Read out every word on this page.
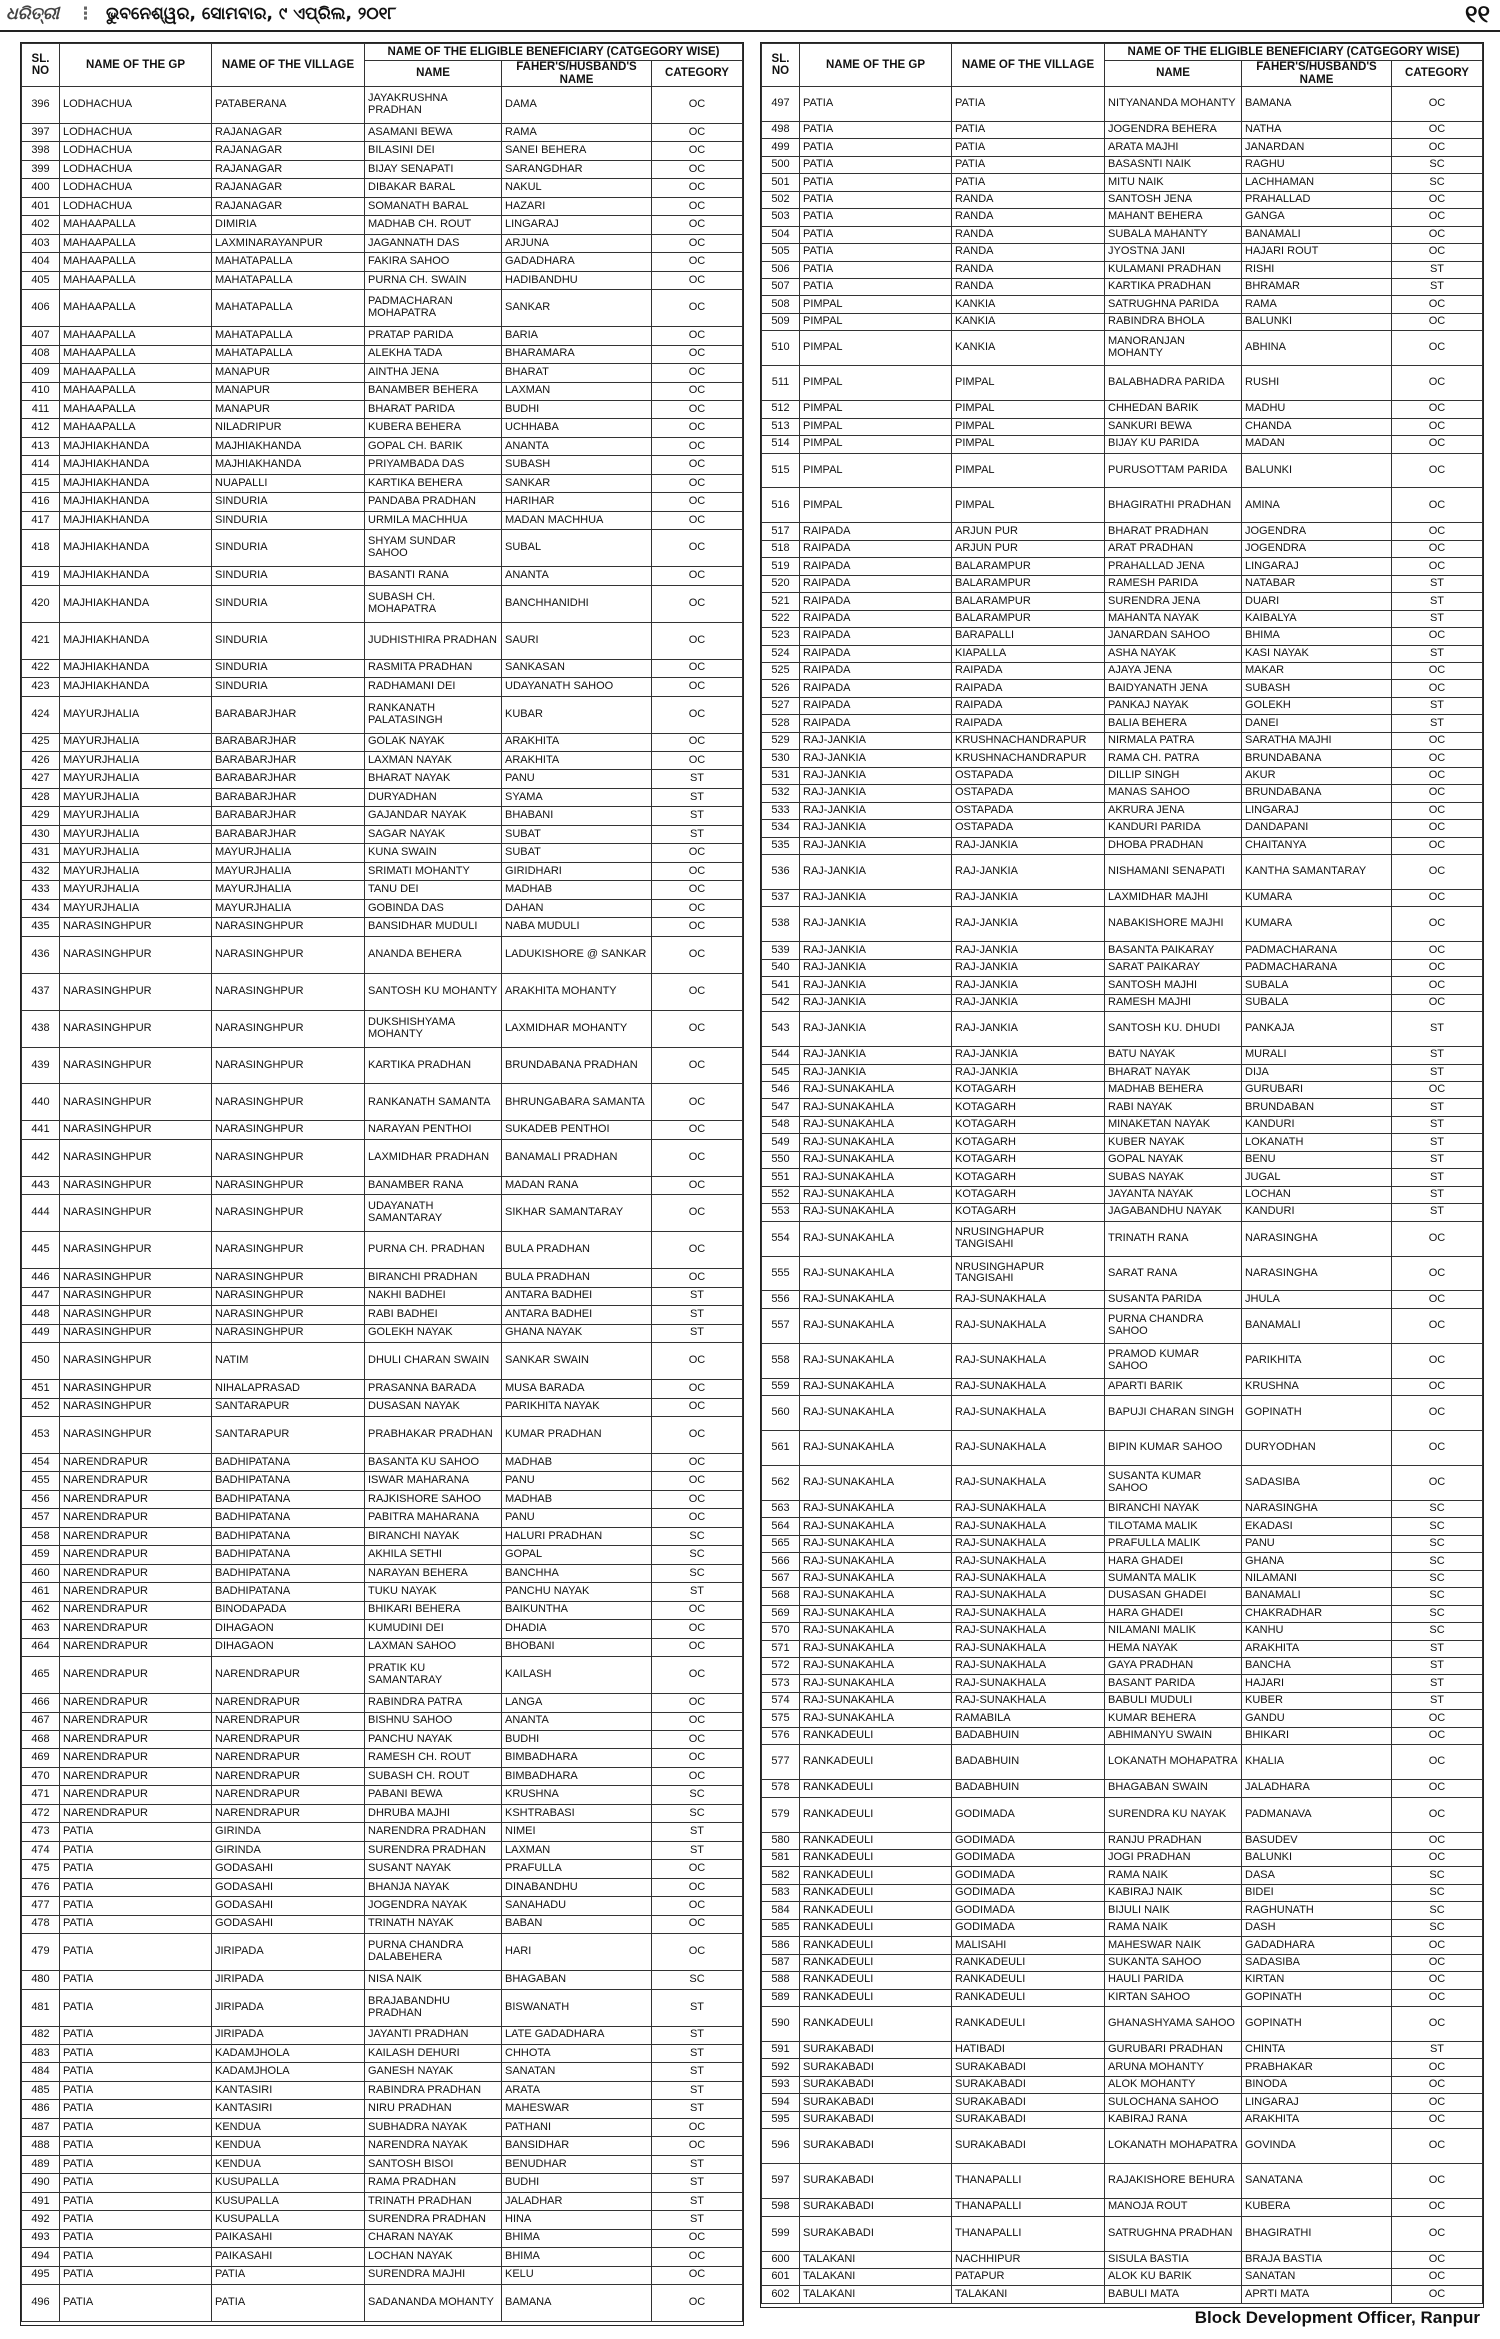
ଧରିତ୍ରୀ ⋮ ଭୁବନେଶ୍ୱର, ସୋମବାର, ୯ ଏପ୍ରିଲ, ୨୦୧୮	୧୧
SL. NO	NAME OF THE GP	NAME OF THE VILLAGE	NAME OF THE ELIGIBLE BENEFICIARY (CATGEGORY WISE)		
			NAME	FAHER'S/HUSBAND'S NAME	CATEGORY
396	LODHACHUA	PATABERANA	JAYAKRUSHNA PRADHAN	DAMA	OC
397	LODHACHUA	RAJANAGAR	ASAMANI BEWA	RAMA	OC
398	LODHACHUA	RAJANAGAR	BILASINI DEI	SANEI BEHERA	OC
399	LODHACHUA	RAJANAGAR	BIJAY SENAPATI	SARANGDHAR	OC
400	LODHACHUA	RAJANAGAR	DIBAKAR BARAL	NAKUL	OC
401	LODHACHUA	RAJANAGAR	SOMANATH BARAL	HAZARI	OC
402	MAHAAPALLA	DIMIRIA	MADHAB CH. ROUT	LINGARAJ	OC
403	MAHAAPALLA	LAXMINARAYANPUR	JAGANNATH DAS	ARJUNA	OC
404	MAHAAPALLA	MAHATAPALLA	FAKIRA SAHOO	GADADHARA	OC
405	MAHAAPALLA	MAHATAPALLA	PURNA CH. SWAIN	HADIBANDHU	OC
406	MAHAAPALLA	MAHATAPALLA	PADMACHARAN MOHAPATRA	SANKAR	OC
407	MAHAAPALLA	MAHATAPALLA	PRATAP PARIDA	BARIA	OC
408	MAHAAPALLA	MAHATAPALLA	ALEKHA TADA	BHARAMARA	OC
409	MAHAAPALLA	MANAPUR	AINTHA JENA	BHARAT	OC
410	MAHAAPALLA	MANAPUR	BANAMBER BEHERA	LAXMAN	OC
411	MAHAAPALLA	MANAPUR	BHARAT PARIDA	BUDHI	OC
412	MAHAAPALLA	NILADRIPUR	KUBERA BEHERA	UCHHABA	OC
413	MAJHIAKHANDA	MAJHIAKHANDA	GOPAL CH. BARIK	ANANTA	OC
414	MAJHIAKHANDA	MAJHIAKHANDA	PRIYAMBADA DAS	SUBASH	OC
415	MAJHIAKHANDA	NUAPALLI	KARTIKA BEHERA	SANKAR	OC
416	MAJHIAKHANDA	SINDURIA	PANDABA PRADHAN	HARIHAR	OC
417	MAJHIAKHANDA	SINDURIA	URMILA MACHHUA	MADAN MACHHUA	OC
418	MAJHIAKHANDA	SINDURIA	SHYAM SUNDAR SAHOO	SUBAL	OC
419	MAJHIAKHANDA	SINDURIA	BASANTI RANA	ANANTA	OC
420	MAJHIAKHANDA	SINDURIA	SUBASH CH. MOHAPATRA	BANCHHANIDHI	OC
421	MAJHIAKHANDA	SINDURIA	JUDHISTHIRA PRADHAN	SAURI	OC
422	MAJHIAKHANDA	SINDURIA	RASMITA PRADHAN	SANKASAN	OC
423	MAJHIAKHANDA	SINDURIA	RADHAMANI DEI	UDAYANATH SAHOO	OC
424	MAYURJHALIA	BARABARJHAR	RANKANATH PALATASINGH	KUBAR	OC
425	MAYURJHALIA	BARABARJHAR	GOLAK NAYAK	ARAKHITA	OC
426	MAYURJHALIA	BARABARJHAR	LAXMAN NAYAK	ARAKHITA	OC
427	MAYURJHALIA	BARABARJHAR	BHARAT NAYAK	PANU	ST
428	MAYURJHALIA	BARABARJHAR	DURYADHAN	SYAMA	ST
429	MAYURJHALIA	BARABARJHAR	GAJANDAR NAYAK	BHABANI	ST
430	MAYURJHALIA	BARABARJHAR	SAGAR NAYAK	SUBAT	ST
431	MAYURJHALIA	MAYURJHALIA	KUNA SWAIN	SUBAT	OC
432	MAYURJHALIA	MAYURJHALIA	SRIMATI MOHANTY	GIRIDHARI	OC
433	MAYURJHALIA	MAYURJHALIA	TANU DEI	MADHAB	OC
434	MAYURJHALIA	MAYURJHALIA	GOBINDA DAS	DAHAN	OC
435	NARASINGHPUR	NARASINGHPUR	BANSIDHAR MUDULI	NABA MUDULI	OC
436	NARASINGHPUR	NARASINGHPUR	ANANDA BEHERA	LADUKISHORE @ SANKAR	OC
437	NARASINGHPUR	NARASINGHPUR	SANTOSH KU MOHANTY	ARAKHITA MOHANTY	OC
438	NARASINGHPUR	NARASINGHPUR	DUKSHISHYAMA MOHANTY	LAXMIDHAR MOHANTY	OC
439	NARASINGHPUR	NARASINGHPUR	KARTIKA PRADHAN	BRUNDABANA PRADHAN	OC
440	NARASINGHPUR	NARASINGHPUR	RANKANATH SAMANTA	BHRUNGABARA SAMANTA	OC
441	NARASINGHPUR	NARASINGHPUR	NARAYAN PENTHOI	SUKADEB PENTHOI	OC
442	NARASINGHPUR	NARASINGHPUR	LAXMIDHAR PRADHAN	BANAMALI PRADHAN	OC
443	NARASINGHPUR	NARASINGHPUR	BANAMBER RANA	MADAN RANA	OC
444	NARASINGHPUR	NARASINGHPUR	UDAYANATH SAMANTARAY	SIKHAR SAMANTARAY	OC
445	NARASINGHPUR	NARASINGHPUR	PURNA CH. PRADHAN	BULA PRADHAN	OC
446	NARASINGHPUR	NARASINGHPUR	BIRANCHI PRADHAN	BULA PRADHAN	OC
447	NARASINGHPUR	NARASINGHPUR	NAKHI BADHEI	ANTARA BADHEI	ST
448	NARASINGHPUR	NARASINGHPUR	RABI BADHEI	ANTARA BADHEI	ST
449	NARASINGHPUR	NARASINGHPUR	GOLEKH NAYAK	GHANA NAYAK	ST
450	NARASINGHPUR	NATIM	DHULI CHARAN SWAIN	SANKAR SWAIN	OC
451	NARASINGHPUR	NIHALAPRASAD	PRASANNA BARADA	MUSA BARADA	OC
452	NARASINGHPUR	SANTARAPUR	DUSASAN NAYAK	PARIKHITA NAYAK	OC
453	NARASINGHPUR	SANTARAPUR	PRABHAKAR PRADHAN	KUMAR PRADHAN	OC
454	NARENDRAPUR	BADHIPATANA	BASANTA KU SAHOO	MADHAB	OC
455	NARENDRAPUR	BADHIPATANA	ISWAR MAHARANA	PANU	OC
456	NARENDRAPUR	BADHIPATANA	RAJKISHORE SAHOO	MADHAB	OC
457	NARENDRAPUR	BADHIPATANA	PABITRA MAHARANA	PANU	OC
458	NARENDRAPUR	BADHIPATANA	BIRANCHI NAYAK	HALURI PRADHAN	SC
459	NARENDRAPUR	BADHIPATANA	AKHILA SETHI	GOPAL	SC
460	NARENDRAPUR	BADHIPATANA	NARAYAN BEHERA	BANCHHA	SC
461	NARENDRAPUR	BADHIPATANA	TUKU NAYAK	PANCHU NAYAK	ST
462	NARENDRAPUR	BINODAPADA	BHIKARI BEHERA	BAIKUNTHA	OC
463	NARENDRAPUR	DIHAGAON	KUMUDINI DEI	DHADIA	OC
464	NARENDRAPUR	DIHAGAON	LAXMAN SAHOO	BHOBANI	OC
465	NARENDRAPUR	NARENDRAPUR	PRATIK KU SAMANTARAY	KAILASH	OC
466	NARENDRAPUR	NARENDRAPUR	RABINDRA PATRA	LANGA	OC
467	NARENDRAPUR	NARENDRAPUR	BISHNU SAHOO	ANANTA	OC
468	NARENDRAPUR	NARENDRAPUR	PANCHU NAYAK	BUDHI	OC
469	NARENDRAPUR	NARENDRAPUR	RAMESH CH. ROUT	BIMBADHARA	OC
470	NARENDRAPUR	NARENDRAPUR	SUBASH CH. ROUT	BIMBADHARA	OC
471	NARENDRAPUR	NARENDRAPUR	PABANI BEWA	KRUSHNA	SC
472	NARENDRAPUR	NARENDRAPUR	DHRUBA MAJHI	KSHTRABASI	SC
473	PATIA	GIRINDA	NARENDRA PRADHAN	NIMEI	ST
474	PATIA	GIRINDA	SURENDRA PRADHAN	LAXMAN	ST
475	PATIA	GODASAHI	SUSANT NAYAK	PRAFULLA	OC
476	PATIA	GODASAHI	BHANJA NAYAK	DINABANDHU	OC
477	PATIA	GODASAHI	JOGENDRA NAYAK	SANAHADU	OC
478	PATIA	GODASAHI	TRINATH NAYAK	BABAN	OC
479	PATIA	JIRIPADA	PURNA CHANDRA DALABEHERA	HARI	OC
480	PATIA	JIRIPADA	NISA NAIK	BHAGABAN	SC
481	PATIA	JIRIPADA	BRAJABANDHU PRADHAN	BISWANATH	ST
482	PATIA	JIRIPADA	JAYANTI PRADHAN	LATE GADADHARA	ST
483	PATIA	KADAMJHOLA	KAILASH DEHURI	CHHOTA	ST
484	PATIA	KADAMJHOLA	GANESH NAYAK	SANATAN	ST
485	PATIA	KANTASIRI	RABINDRA PRADHAN	ARATA	ST
486	PATIA	KANTASIRI	NIRU PRADHAN	MAHESWAR	ST
487	PATIA	KENDUA	SUBHADRA NAYAK	PATHANI	OC
488	PATIA	KENDUA	NARENDRA NAYAK	BANSIDHAR	OC
489	PATIA	KENDUA	SANTOSH BISOI	BENUDHAR	ST
490	PATIA	KUSUPALLA	RAMA PRADHAN	BUDHI	ST
491	PATIA	KUSUPALLA	TRINATH PRADHAN	JALADHAR	ST
492	PATIA	KUSUPALLA	SURENDRA PRADHAN	HINA	ST
493	PATIA	PAIKASAHI	CHARAN NAYAK	BHIMA	OC
494	PATIA	PAIKASAHI	LOCHAN NAYAK	BHIMA	OC
495	PATIA	PATIA	SURENDRA MAJHI	KELU	OC
496	PATIA	PATIA	SADANANDA MOHANTY	BAMANA	OC
SL. NO	NAME OF THE GP	NAME OF THE VILLAGE	NAME OF THE ELIGIBLE BENEFICIARY (CATGEGORY WISE)		
			NAME	FAHER'S/HUSBAND'S NAME	CATEGORY
497	PATIA	PATIA	NITYANANDA MOHANTY	BAMANA	OC
498	PATIA	PATIA	JOGENDRA BEHERA	NATHA	OC
499	PATIA	PATIA	ARATA MAJHI	JANARDAN	OC
500	PATIA	PATIA	BASASNTI NAIK	RAGHU	SC
501	PATIA	PATIA	MITU NAIK	LACHHAMAN	SC
502	PATIA	RANDA	SANTOSH JENA	PRAHALLAD	OC
503	PATIA	RANDA	MAHANT BEHERA	GANGA	OC
504	PATIA	RANDA	SUBALA MAHANTY	BANAMALI	OC
505	PATIA	RANDA	JYOSTNA JANI	HAJARI ROUT	OC
506	PATIA	RANDA	KULAMANI PRADHAN	RISHI	ST
507	PATIA	RANDA	KARTIKA PRADHAN	BHRAMAR	ST
508	PIMPAL	KANKIA	SATRUGHNA PARIDA	RAMA	OC
509	PIMPAL	KANKIA	RABINDRA BHOLA	BALUNKI	OC
510	PIMPAL	KANKIA	MANORANJAN MOHANTY	ABHINA	OC
511	PIMPAL	PIMPAL	BALABHADRA PARIDA	RUSHI	OC
512	PIMPAL	PIMPAL	CHHEDAN BARIK	MADHU	OC
513	PIMPAL	PIMPAL	SANKURI BEWA	CHANDA	OC
514	PIMPAL	PIMPAL	BIJAY KU PARIDA	MADAN	OC
515	PIMPAL	PIMPAL	PURUSOTTAM PARIDA	BALUNKI	OC
516	PIMPAL	PIMPAL	BHAGIRATHI PRADHAN	AMINA	OC
517	RAIPADA	ARJUN PUR	BHARAT PRADHAN	JOGENDRA	OC
518	RAIPADA	ARJUN PUR	ARAT PRADHAN	JOGENDRA	OC
519	RAIPADA	BALARAMPUR	PRAHALLAD JENA	LINGARAJ	OC
520	RAIPADA	BALARAMPUR	RAMESH PARIDA	NATABAR	ST
521	RAIPADA	BALARAMPUR	SURENDRA JENA	DUARI	ST
522	RAIPADA	BALARAMPUR	MAHANTA NAYAK	KAIBALYA	ST
523	RAIPADA	BARAPALLI	JANARDAN SAHOO	BHIMA	OC
524	RAIPADA	KIAPALLA	ASHA NAYAK	KASI NAYAK	ST
525	RAIPADA	RAIPADA	AJAYA JENA	MAKAR	OC
526	RAIPADA	RAIPADA	BAIDYANATH JENA	SUBASH	OC
527	RAIPADA	RAIPADA	PANKAJ NAYAK	GOLEKH	ST
528	RAIPADA	RAIPADA	BALIA BEHERA	DANEI	ST
529	RAJ-JANKIA	KRUSHNACHANDRAPUR	NIRMALA PATRA	SARATHA MAJHI	OC
530	RAJ-JANKIA	KRUSHNACHANDRAPUR	RAMA CH. PATRA	BRUNDABANA	OC
531	RAJ-JANKIA	OSTAPADA	DILLIP SINGH	AKUR	OC
532	RAJ-JANKIA	OSTAPADA	MANAS SAHOO	BRUNDABANA	OC
533	RAJ-JANKIA	OSTAPADA	AKRURA JENA	LINGARAJ	OC
534	RAJ-JANKIA	OSTAPADA	KANDURI PARIDA	DANDAPANI	OC
535	RAJ-JANKIA	RAJ-JANKIA	DHOBA PRADHAN	CHAITANYA	OC
536	RAJ-JANKIA	RAJ-JANKIA	NISHAMANI SENAPATI	KANTHA SAMANTARAY	OC
537	RAJ-JANKIA	RAJ-JANKIA	LAXMIDHAR MAJHI	KUMARA	OC
538	RAJ-JANKIA	RAJ-JANKIA	NABAKISHORE MAJHI	KUMARA	OC
539	RAJ-JANKIA	RAJ-JANKIA	BASANTA PAIKARAY	PADMACHARANA	OC
540	RAJ-JANKIA	RAJ-JANKIA	SARAT PAIKARAY	PADMACHARANA	OC
541	RAJ-JANKIA	RAJ-JANKIA	SANTOSH MAJHI	SUBALA	OC
542	RAJ-JANKIA	RAJ-JANKIA	RAMESH MAJHI	SUBALA	OC
543	RAJ-JANKIA	RAJ-JANKIA	SANTOSH KU. DHUDI	PANKAJA	ST
544	RAJ-JANKIA	RAJ-JANKIA	BATU NAYAK	MURALI	ST
545	RAJ-JANKIA	RAJ-JANKIA	BHARAT NAYAK	DIJA	ST
546	RAJ-SUNAKAHLA	KOTAGARH	MADHAB BEHERA	GURUBARI	OC
547	RAJ-SUNAKAHLA	KOTAGARH	RABI NAYAK	BRUNDABAN	ST
548	RAJ-SUNAKAHLA	KOTAGARH	MINAKETAN NAYAK	KANDURI	ST
549	RAJ-SUNAKAHLA	KOTAGARH	KUBER NAYAK	LOKANATH	ST
550	RAJ-SUNAKAHLA	KOTAGARH	GOPAL NAYAK	BENU	ST
551	RAJ-SUNAKAHLA	KOTAGARH	SUBAS NAYAK	JUGAL	ST
552	RAJ-SUNAKAHLA	KOTAGARH	JAYANTA NAYAK	LOCHAN	ST
553	RAJ-SUNAKAHLA	KOTAGARH	JAGABANDHU NAYAK	KANDURI	ST
554	RAJ-SUNAKAHLA	NRUSINGHAPUR TANGISAHI	TRINATH RANA	NARASINGHA	OC
555	RAJ-SUNAKAHLA	NRUSINGHAPUR TANGISAHI	SARAT RANA	NARASINGHA	OC
556	RAJ-SUNAKAHLA	RAJ-SUNAKHALA	SUSANTA PARIDA	JHULA	OC
557	RAJ-SUNAKAHLA	RAJ-SUNAKHALA	PURNA CHANDRA SAHOO	BANAMALI	OC
558	RAJ-SUNAKAHLA	RAJ-SUNAKHALA	PRAMOD KUMAR SAHOO	PARIKHITA	OC
559	RAJ-SUNAKAHLA	RAJ-SUNAKHALA	APARTI BARIK	KRUSHNA	OC
560	RAJ-SUNAKAHLA	RAJ-SUNAKHALA	BAPUJI CHARAN SINGH	GOPINATH	OC
561	RAJ-SUNAKAHLA	RAJ-SUNAKHALA	BIPIN KUMAR SAHOO	DURYODHAN	OC
562	RAJ-SUNAKAHLA	RAJ-SUNAKHALA	SUSANTA KUMAR SAHOO	SADASIBA	OC
563	RAJ-SUNAKAHLA	RAJ-SUNAKHALA	BIRANCHI NAYAK	NARASINGHA	SC
564	RAJ-SUNAKAHLA	RAJ-SUNAKHALA	TILOTAMA MALIK	EKADASI	SC
565	RAJ-SUNAKAHLA	RAJ-SUNAKHALA	PRAFULLA MALIK	PANU	SC
566	RAJ-SUNAKAHLA	RAJ-SUNAKHALA	HARA GHADEI	GHANA	SC
567	RAJ-SUNAKAHLA	RAJ-SUNAKHALA	SUMANTA MALIK	NILAMANI	SC
568	RAJ-SUNAKAHLA	RAJ-SUNAKHALA	DUSASAN GHADEI	BANAMALI	SC
569	RAJ-SUNAKAHLA	RAJ-SUNAKHALA	HARA GHADEI	CHAKRADHAR	SC
570	RAJ-SUNAKAHLA	RAJ-SUNAKHALA	NILAMANI MALIK	KANHU	SC
571	RAJ-SUNAKAHLA	RAJ-SUNAKHALA	HEMA NAYAK	ARAKHITA	ST
572	RAJ-SUNAKAHLA	RAJ-SUNAKHALA	GAYA PRADHAN	BANCHA	ST
573	RAJ-SUNAKAHLA	RAJ-SUNAKHALA	BASANT PARIDA	HAJARI	ST
574	RAJ-SUNAKAHLA	RAJ-SUNAKHALA	BABULI MUDULI	KUBER	ST
575	RAJ-SUNAKAHLA	RAMABILA	KUMAR BEHERA	GANDU	OC
576	RANKADEULI	BADABHUIN	ABHIMANYU SWAIN	BHIKARI	OC
577	RANKADEULI	BADABHUIN	LOKANATH MOHAPATRA	KHALIA	OC
578	RANKADEULI	BADABHUIN	BHAGABAN SWAIN	JALADHARA	OC
579	RANKADEULI	GODIMADA	SURENDRA KU NAYAK	PADMANAVA	OC
580	RANKADEULI	GODIMADA	RANJU PRADHAN	BASUDEV	OC
581	RANKADEULI	GODIMADA	JOGI PRADHAN	BALUNKI	OC
582	RANKADEULI	GODIMADA	RAMA NAIK	DASA	SC
583	RANKADEULI	GODIMADA	KABIRAJ NAIK	BIDEI	SC
584	RANKADEULI	GODIMADA	BIJULI NAIK	RAGHUNATH	SC
585	RANKADEULI	GODIMADA	RAMA NAIK	DASH	SC
586	RANKADEULI	MALISAHI	MAHESWAR NAIK	GADADHARA	OC
587	RANKADEULI	RANKADEULI	SUKANTA SAHOO	SADASIBA	OC
588	RANKADEULI	RANKADEULI	HAULI PARIDA	KIRTAN	OC
589	RANKADEULI	RANKADEULI	KIRTAN SAHOO	GOPINATH	OC
590	RANKADEULI	RANKADEULI	GHANASHYAMA SAHOO	GOPINATH	OC
591	SURAKABADI	HATIBADI	GURUBARI PRADHAN	CHINTA	ST
592	SURAKABADI	SURAKABADI	ARUNA MOHANTY	PRABHAKAR	OC
593	SURAKABADI	SURAKABADI	ALOK MOHANTY	BINODA	OC
594	SURAKABADI	SURAKABADI	SULOCHANA SAHOO	LINGARAJ	OC
595	SURAKABADI	SURAKABADI	KABIRAJ RANA	ARAKHITA	OC
596	SURAKABADI	SURAKABADI	LOKANATH MOHAPATRA	GOVINDA	OC
597	SURAKABADI	THANAPALLI	RAJAKISHORE BEHURA	SANATANA	OC
598	SURAKABADI	THANAPALLI	MANOJA ROUT	KUBERA	OC
599	SURAKABADI	THANAPALLI	SATRUGHNA PRADHAN	BHAGIRATHI	OC
600	TALAKANI	NACHHIPUR	SISULA BASTIA	BRAJA BASTIA	OC
601	TALAKANI	PATAPUR	ALOK KU BARIK	SANATAN	OC
602	TALAKANI	TALAKANI	BABULI MATA	APRTI MATA	OC
Block Development Officer, Ranpur
